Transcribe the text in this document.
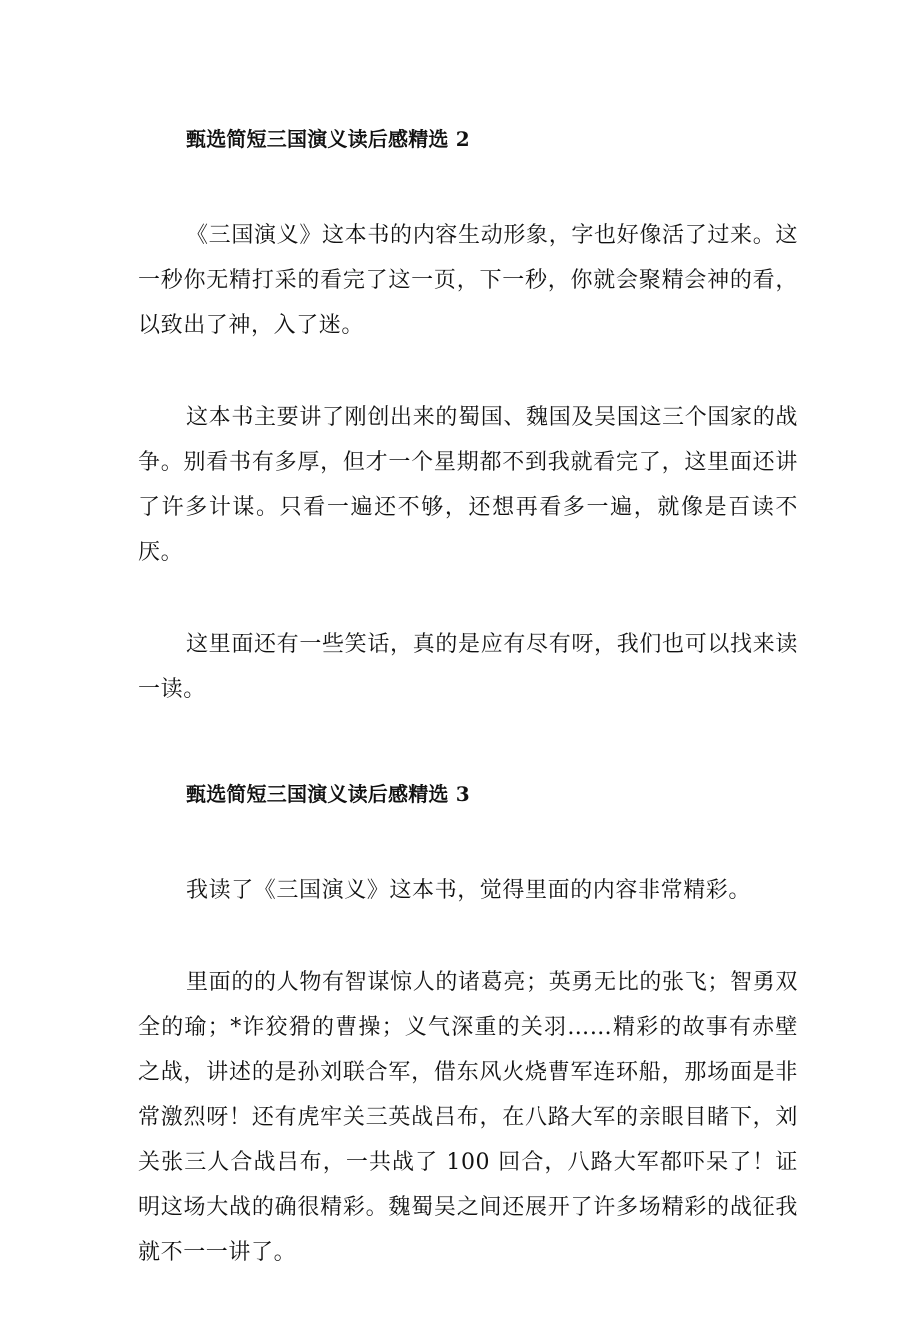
甄选简短三国演义读后感精选 2

《三国演义》这本书的内容生动形象，字也好像活了过来。这一秒你无精打采的看完了这一页，下一秒，你就会聚精会神的看，以致出了神，入了迷。

这本书主要讲了刚创出来的蜀国、魏国及吴国这三个国家的战争。别看书有多厚，但才一个星期都不到我就看完了，这里面还讲了许多计谋。只看一遍还不够，还想再看多一遍，就像是百读不厌。

这里面还有一些笑话，真的是应有尽有呀，我们也可以找来读一读。

甄选简短三国演义读后感精选 3

我读了《三国演义》这本书，觉得里面的内容非常精彩。

里面的的人物有智谋惊人的诸葛亮；英勇无比的张飞；智勇双全的瑜；*诈狡猾的曹操；义气深重的关羽……精彩的故事有赤壁之战，讲述的是孙刘联合军，借东风火烧曹军连环船，那场面是非常激烈呀！还有虎牢关三英战吕布，在八路大军的亲眼目睹下，刘关张三人合战吕布，一共战了 100 回合，八路大军都吓呆了！证明这场大战的确很精彩。魏蜀吴之间还展开了许多场精彩的战征我就不一一讲了。
